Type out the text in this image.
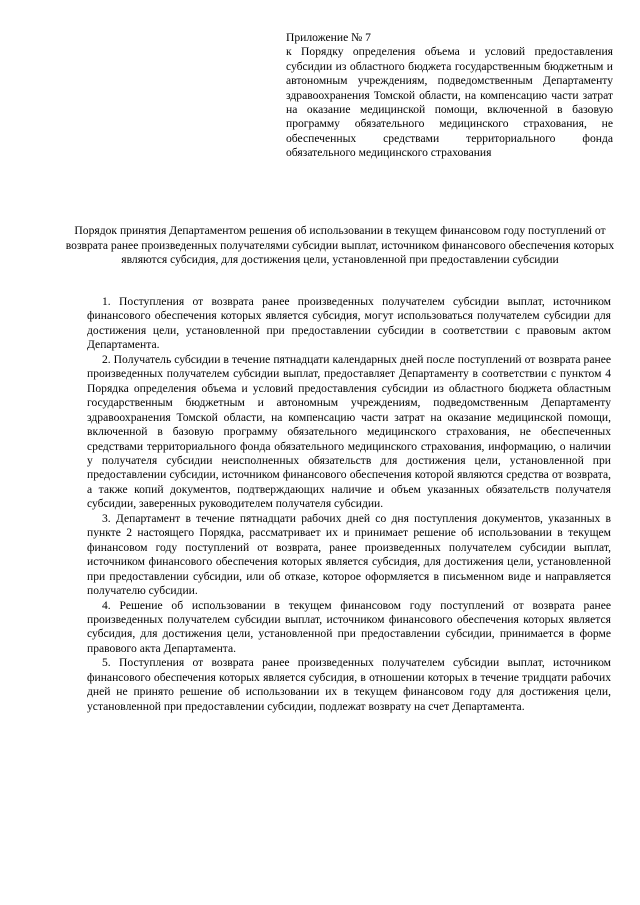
Приложение № 7
к Порядку определения объема и условий предоставления субсидии из областного бюджета государственным бюджетным и автономным учреждениям, подведомственным Департаменту здравоохранения Томской области, на компенсацию части затрат на оказание медицинской помощи, включенной в базовую программу обязательного медицинского страхования, не обеспеченных средствами территориального фонда обязательного медицинского страхования
Порядок принятия Департаментом решения об использовании в текущем финансовом году поступлений от возврата ранее произведенных получателями субсидии выплат, источником финансового обеспечения которых являются субсидия, для достижения цели, установленной при предоставлении субсидии

1. Поступления от возврата ранее произведенных получателем субсидии выплат, источником финансового обеспечения которых является субсидия, могут использоваться получателем субсидии для достижения цели, установленной при предоставлении субсидии в соответствии с правовым актом Департамента.

2. Получатель субсидии в течение пятнадцати календарных дней после поступлений от возврата ранее произведенных получателем субсидии выплат, предоставляет Департаменту в соответствии с пунктом 4 Порядка определения объема и условий предоставления субсидии из областного бюджета областным государственным бюджетным и автономным учреждениям, подведомственным Департаменту здравоохранения Томской области, на компенсацию части затрат на оказание медицинской помощи, включенной в базовую программу обязательного медицинского страхования, не обеспеченных средствами территориального фонда обязательного медицинского страхования, информацию, о наличии у получателя субсидии неисполненных обязательств для достижения цели, установленной при предоставлении субсидии, источником финансового обеспечения которой являются средства от возврата, а также копий документов, подтверждающих наличие и объем указанных обязательств получателя субсидии, заверенных руководителем получателя субсидии.

3. Департамент в течение пятнадцати рабочих дней со дня поступления документов, указанных в пункте 2 настоящего Порядка, рассматривает их и принимает решение об использовании в текущем финансовом году поступлений от возврата, ранее произведенных получателем субсидии выплат, источником финансового обеспечения которых является субсидия, для достижения цели, установленной при предоставлении субсидии, или об отказе, которое оформляется в письменном виде и направляется получателю субсидии.

4. Решение об использовании в текущем финансовом году поступлений от возврата ранее произведенных получателем субсидии выплат, источником финансового обеспечения которых является субсидия, для достижения цели, установленной при предоставлении субсидии, принимается в форме правового акта Департамента.

5. Поступления от возврата ранее произведенных получателем субсидии выплат, источником финансового обеспечения которых является субсидия, в отношении которых в течение тридцати рабочих дней не принято решение об использовании их в текущем финансовом году для достижения цели, установленной при предоставлении субсидии, подлежат возврату на счет Департамента.
